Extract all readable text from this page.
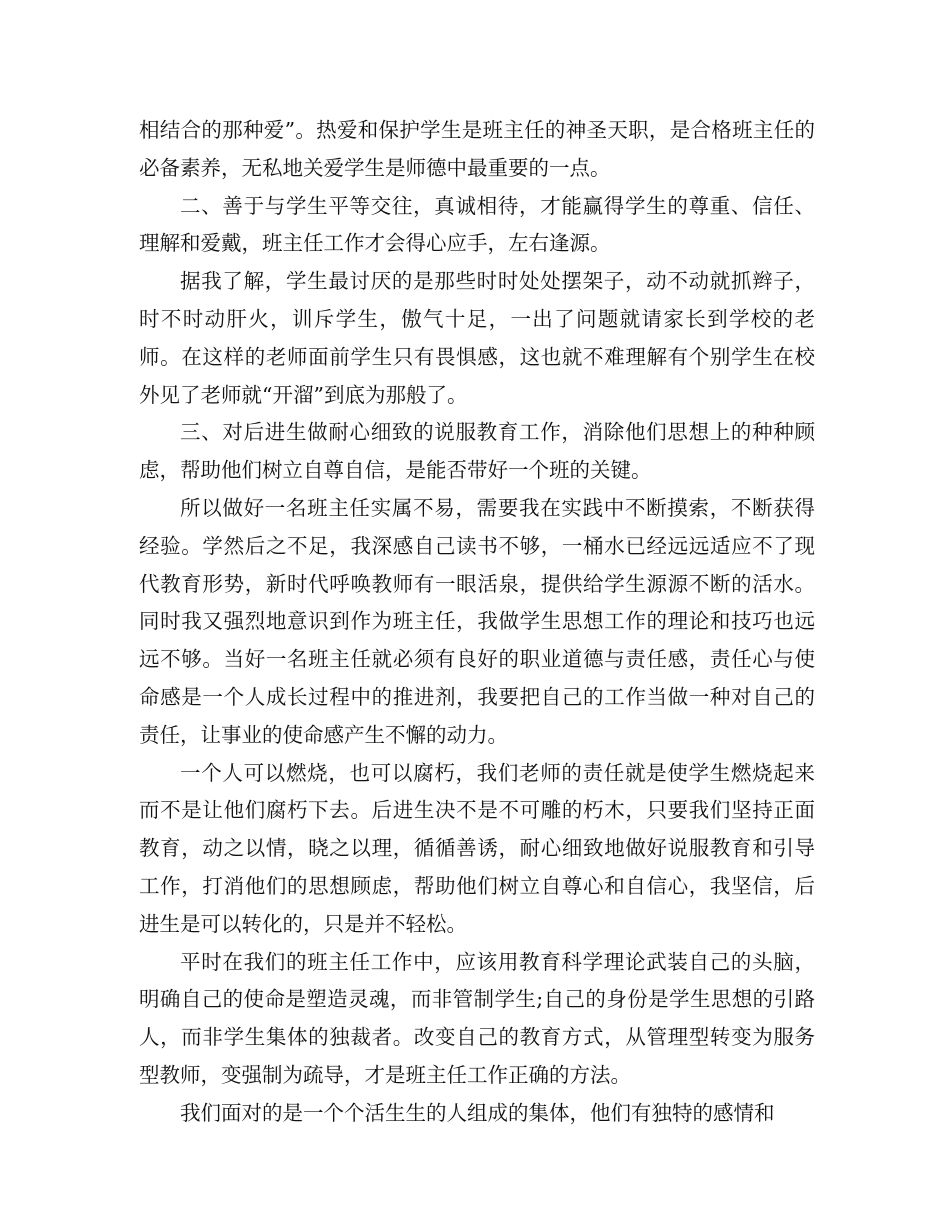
相结合的那种爱”。热爱和保护学生是班主任的神圣天职，是合格班主任的必备素养，无私地关爱学生是师德中最重要的一点。

二、善于与学生平等交往，真诚相待，才能赢得学生的尊重、信任、理解和爱戴，班主任工作才会得心应手，左右逢源。

据我了解，学生最讨厌的是那些时时处处摆架子，动不动就抓辫子，时不时动肝火，训斥学生，傲气十足，一出了问题就请家长到学校的老师。在这样的老师面前学生只有畏惧感，这也就不难理解有个别学生在校外见了老师就“开溜”到底为那般了。

三、对后进生做耐心细致的说服教育工作，消除他们思想上的种种顾虑，帮助他们树立自尊自信，是能否带好一个班的关键。

所以做好一名班主任实属不易，需要我在实践中不断摸索，不断获得经验。学然后之不足，我深感自己读书不够，一桶水已经远远适应不了现代教育形势，新时代呼唤教师有一眼活泉，提供给学生源源不断的活水。同时我又强烈地意识到作为班主任，我做学生思想工作的理论和技巧也远远不够。当好一名班主任就必须有良好的职业道德与责任感，责任心与使命感是一个人成长过程中的推进剂，我要把自己的工作当做一种对自己的责任，让事业的使命感产生不懈的动力。

一个人可以燃烧，也可以腐朽，我们老师的责任就是使学生燃烧起来而不是让他们腐朽下去。后进生决不是不可雕的朽木，只要我们坚持正面教育，动之以情，晓之以理，循循善诱，耐心细致地做好说服教育和引导工作，打消他们的思想顾虑，帮助他们树立自尊心和自信心，我坚信，后进生是可以转化的，只是并不轻松。

平时在我们的班主任工作中，应该用教育科学理论武装自己的头脑，明确自己的使命是塑造灵魂，而非管制学生;自己的身份是学生思想的引路人，而非学生集体的独裁者。改变自己的教育方式，从管理型转变为服务型教师，变强制为疏导，才是班主任工作正确的方法。

我们面对的是一个个活生生的人组成的集体，他们有独特的感情和
